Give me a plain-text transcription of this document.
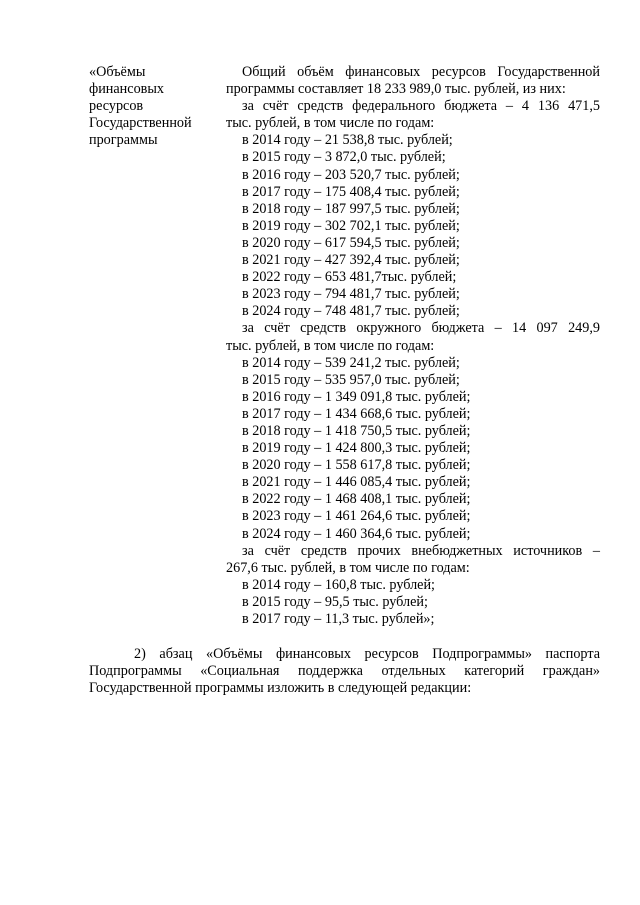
«Объёмы
финансовых
ресурсов
Государственной
программы
Общий объём финансовых ресурсов Государственной
программы составляет 18 233 989,0 тыс. рублей, из них:
за счёт средств федерального бюджета – 4 136 471,5
тыс. рублей, в том числе по годам:
в 2014 году – 21 538,8 тыс. рублей;
в 2015 году – 3 872,0 тыс. рублей;
в 2016 году – 203 520,7 тыс. рублей;
в 2017 году – 175 408,4 тыс. рублей;
в 2018 году – 187 997,5 тыс. рублей;
в 2019 году – 302 702,1 тыс. рублей;
в 2020 году – 617 594,5 тыс. рублей;
в 2021 году – 427 392,4 тыс. рублей;
в 2022 году – 653 481,7тыс. рублей;
в 2023 году – 794 481,7 тыс. рублей;
в 2024 году – 748 481,7 тыс. рублей;
за счёт средств окружного бюджета – 14 097 249,9
тыс. рублей, в том числе по годам:
в 2014 году – 539 241,2 тыс. рублей;
в 2015 году – 535 957,0 тыс. рублей;
в 2016 году – 1 349 091,8 тыс. рублей;
в 2017 году – 1 434 668,6 тыс. рублей;
в 2018 году – 1 418 750,5 тыс. рублей;
в 2019 году – 1 424 800,3 тыс. рублей;
в 2020 году – 1 558 617,8 тыс. рублей;
в 2021 году – 1 446 085,4 тыс. рублей;
в 2022 году – 1 468 408,1 тыс. рублей;
в 2023 году – 1 461 264,6 тыс. рублей;
в 2024 году – 1 460 364,6 тыс. рублей;
за счёт средств прочих внебюджетных источников –
267,6 тыс. рублей, в том числе по годам:
в 2014 году – 160,8 тыс. рублей;
в 2015 году – 95,5 тыс. рублей;
в 2017 году – 11,3 тыс. рублей»;
2) абзац «Объёмы финансовых ресурсов Подпрограммы» паспорта
Подпрограммы «Социальная поддержка отдельных категорий граждан»
Государственной программы изложить в следующей редакции:
